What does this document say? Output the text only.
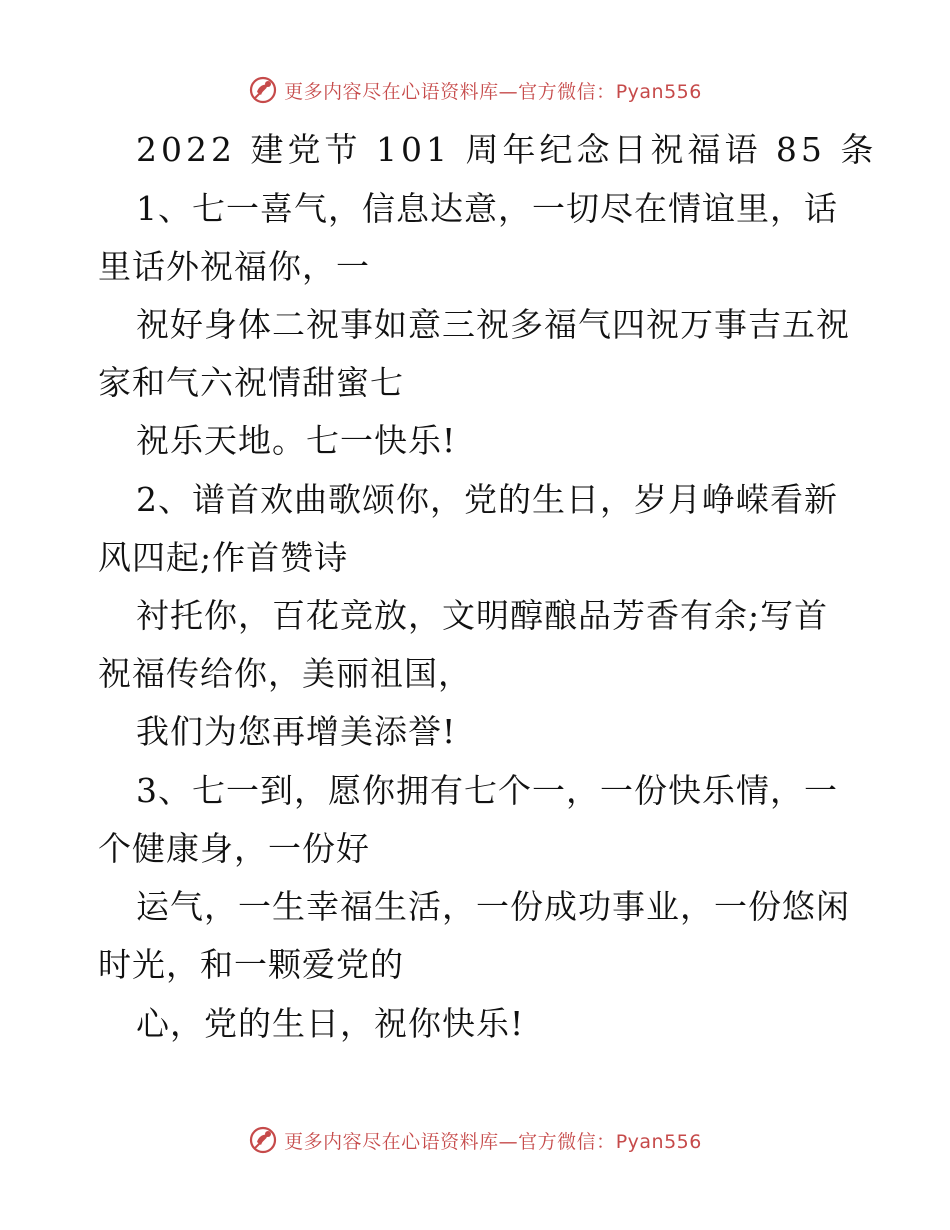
更多内容尽在心语资料库—官方微信：Pyan556
2022 建党节 101 周年纪念日祝福语 85 条
1、七一喜气，信息达意，一切尽在情谊里，话
里话外祝福你，一
祝好身体二祝事如意三祝多福气四祝万事吉五祝
家和气六祝情甜蜜七
祝乐天地。七一快乐!
2、谱首欢曲歌颂你，党的生日，岁月峥嵘看新
风四起;作首赞诗
衬托你，百花竞放，文明醇酿品芳香有余;写首
祝福传给你，美丽祖国，
我们为您再增美添誉!
3、七一到，愿你拥有七个一，一份快乐情，一
个健康身，一份好
运气，一生幸福生活，一份成功事业，一份悠闲
时光，和一颗爱党的
心，党的生日，祝你快乐!
更多内容尽在心语资料库—官方微信：Pyan556
